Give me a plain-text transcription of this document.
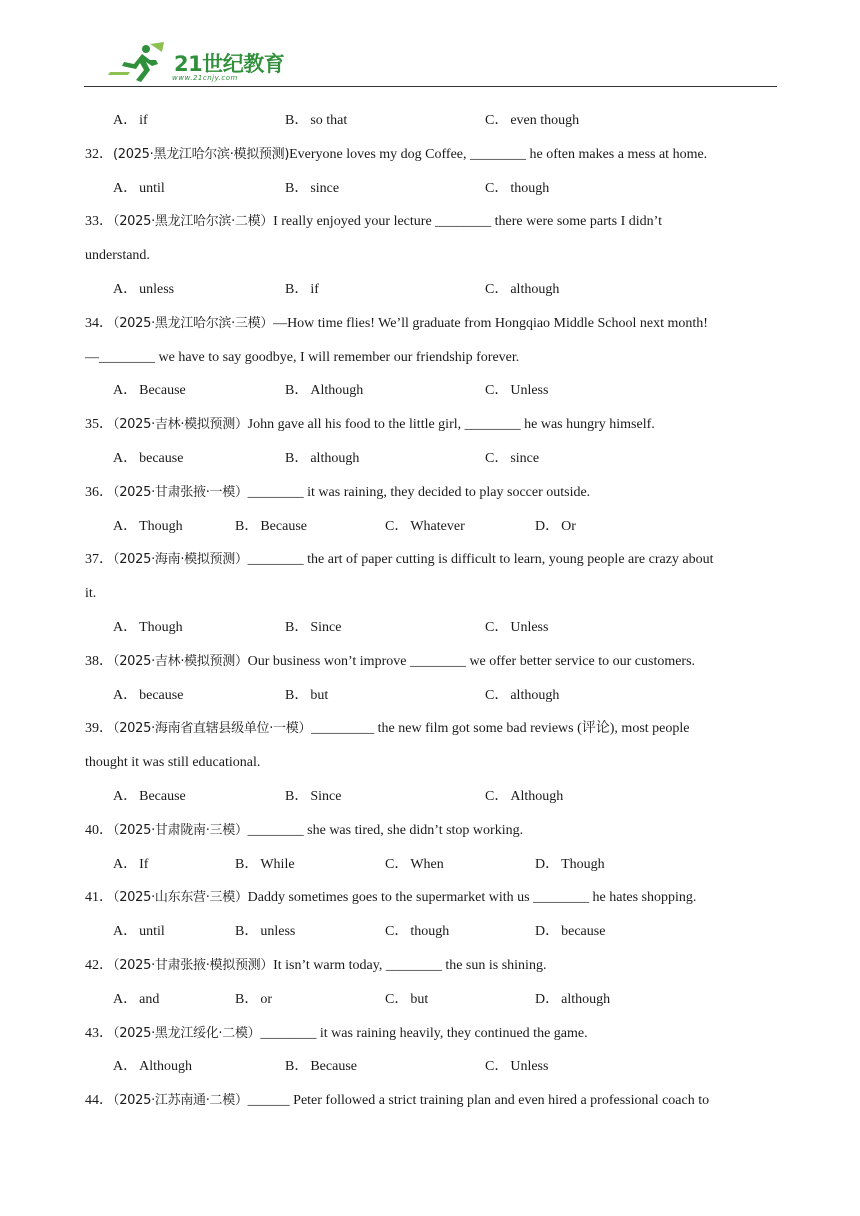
21世纪教育
www.21cnjy.com
A． if	B． so that	C． even though
32．(2025·黑龙江哈尔滨·模拟预测)Everyone loves my dog Coffee, ________ he often makes a mess at home.
A． until	B． since	C． though
33．（2025·黑龙江哈尔滨·二模）I really enjoyed your lecture ________ there were some parts I didn’t
understand.
A． unless	B． if	C． although
34．（2025·黑龙江哈尔滨·三模）—How time flies! We’ll graduate from Hongqiao Middle School next month!
—________ we have to say goodbye, I will remember our friendship forever.
A． Because	B． Although	C． Unless
35．（2025·吉林·模拟预测）John gave all his food to the little girl, ________ he was hungry himself.
A． because	B． although	C． since
36．（2025·甘肃张掖·一模）________ it was raining, they decided to play soccer outside.
A． Though	B． Because	C． Whatever	D． Or
37．（2025·海南·模拟预测）________ the art of paper cutting is difficult to learn, young people are crazy about
it.
A． Though	B． Since	C． Unless
38．（2025·吉林·模拟预测）Our business won’t improve ________ we offer better service to our customers.
A． because	B． but	C． although
39．（2025·海南省直辖县级单位·一模）_________ the new film got some bad reviews (评论), most people
thought it was still educational.
A． Because	B． Since	C． Although
40．（2025·甘肃陇南·三模）________ she was tired, she didn’t stop working.
A． If	B． While	C． When	D． Though
41．（2025·山东东营·三模）Daddy sometimes goes to the supermarket with us ________ he hates shopping.
A． until	B． unless	C． though	D． because
42．（2025·甘肃张掖·模拟预测）It isn’t warm today, ________ the sun is shining.
A． and	B． or	C． but	D． although
43．（2025·黑龙江绥化·二模）________ it was raining heavily, they continued the game.
A． Although	B． Because	C． Unless
44．（2025·江苏南通·二模）______ Peter followed a strict training plan and even hired a professional coach to
